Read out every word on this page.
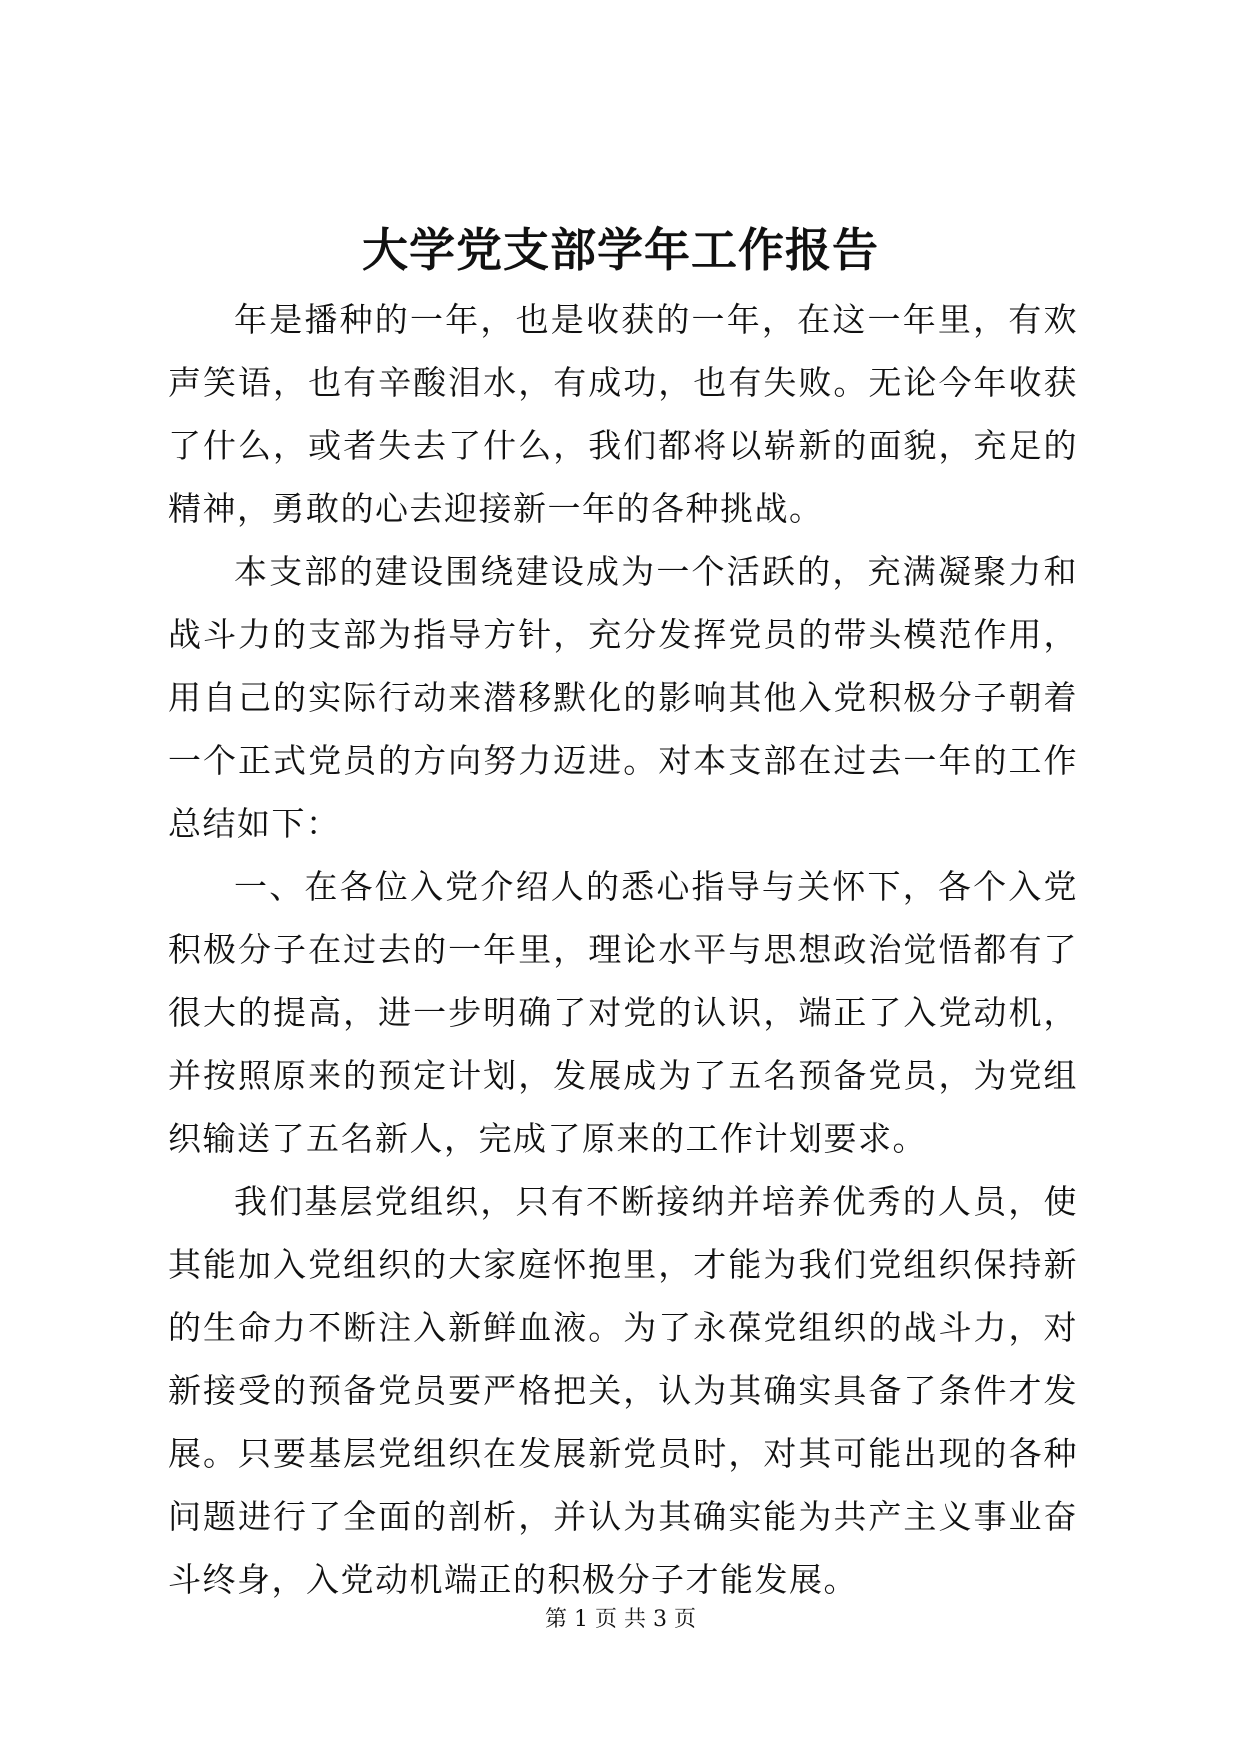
大学党支部学年工作报告

年是播种的一年，也是收获的一年，在这一年里，有欢声笑语，也有辛酸泪水，有成功，也有失败。无论今年收获了什么，或者失去了什么，我们都将以崭新的面貌，充足的精神，勇敢的心去迎接新一年的各种挑战。

本支部的建设围绕建设成为一个活跃的，充满凝聚力和战斗力的支部为指导方针，充分发挥党员的带头模范作用，用自己的实际行动来潜移默化的影响其他入党积极分子朝着一个正式党员的方向努力迈进。对本支部在过去一年的工作总结如下：

一、在各位入党介绍人的悉心指导与关怀下，各个入党积极分子在过去的一年里，理论水平与思想政治觉悟都有了很大的提高，进一步明确了对党的认识，端正了入党动机，并按照原来的预定计划，发展成为了五名预备党员，为党组织输送了五名新人，完成了原来的工作计划要求。

我们基层党组织，只有不断接纳并培养优秀的人员，使其能加入党组织的大家庭怀抱里，才能为我们党组织保持新的生命力不断注入新鲜血液。为了永葆党组织的战斗力，对新接受的预备党员要严格把关，认为其确实具备了条件才发展。只要基层党组织在发展新党员时，对其可能出现的各种问题进行了全面的剖析，并认为其确实能为共产主义事业奋斗终身，入党动机端正的积极分子才能发展。

第 1 页 共 3 页
